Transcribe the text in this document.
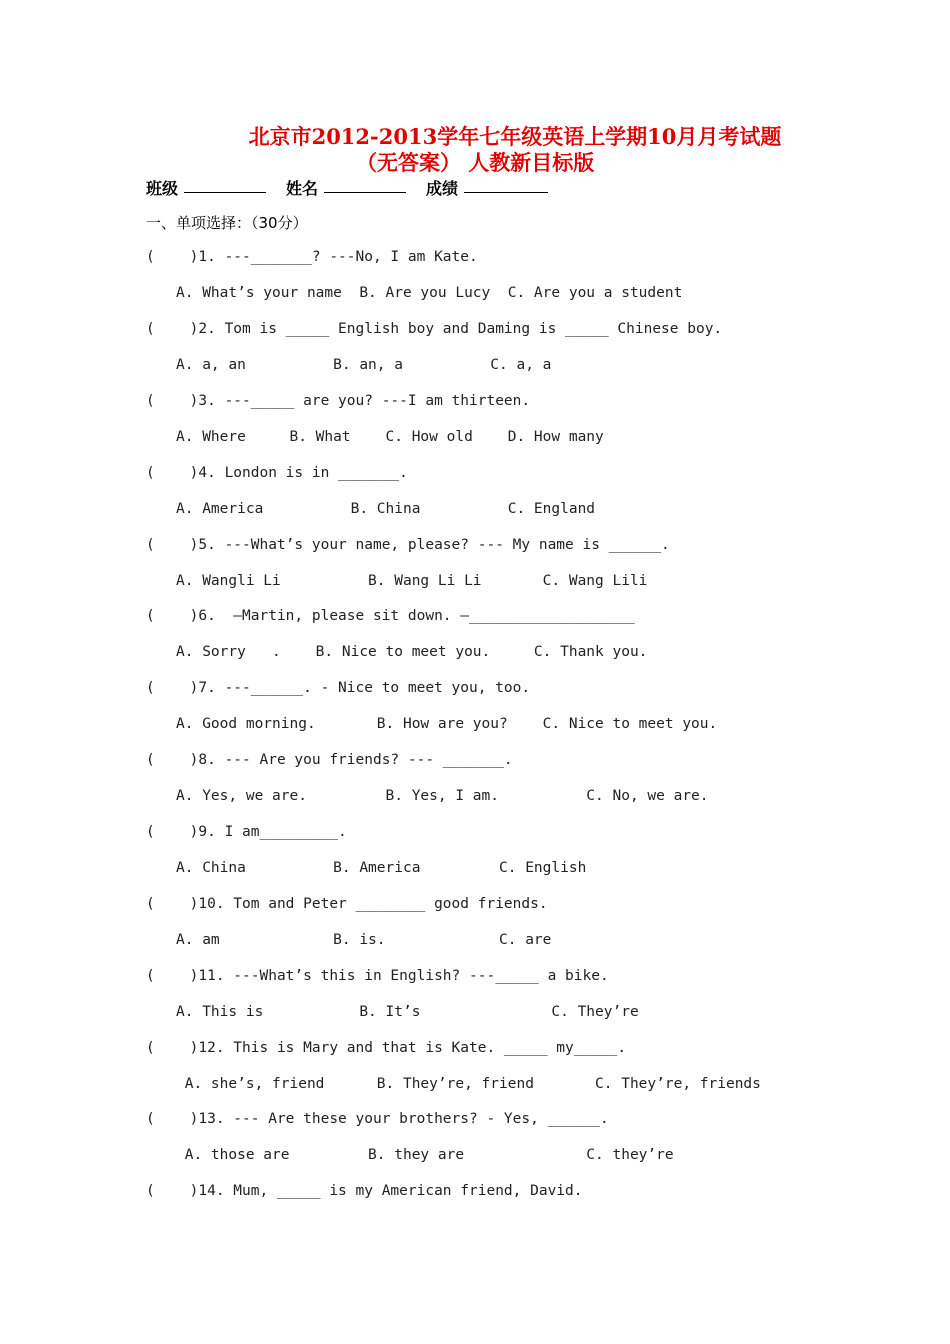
北京市2012-2013学年七年级英语上学期10月月考试题
（无答案） 人教新目标版
班级	姓名	成绩
一、单项选择：（30分）
(    )1. ---_______? ---No, I am Kate.
A. What’s your name  B. Are you Lucy  C. Are you a student
(    )2. Tom is _____ English boy and Daming is _____ Chinese boy.
A. a, an          B. an, a          C. a, a
(    )3. ---_____ are you? ---I am thirteen.
A. Where     B. What    C. How old    D. How many
(    )4. London is in _______.
A. America          B. China          C. England
(    )5. ---What’s your name, please? --- My name is ______.
A. Wangli Li          B. Wang Li Li       C. Wang Lili
(    )6.  —Martin, please sit down. —___________________
A. Sorry   .    B. Nice to meet you.     C. Thank you.
(    )7. ---______. - Nice to meet you, too.
A. Good morning.       B. How are you?    C. Nice to meet you.
(    )8. --- Are you friends? --- _______.
A. Yes, we are.         B. Yes, I am.          C. No, we are.
(    )9. I am_________.
A. China          B. America         C. English
(    )10. Tom and Peter ________ good friends.
A. am             B. is.             C. are
(    )11. ---What’s this in English? ---_____ a bike.
A. This is           B. It’s               C. They’re
(    )12. This is Mary and that is Kate. _____ my_____.
A. she’s, friend      B. They’re, friend       C. They’re, friends
(    )13. --- Are these your brothers? - Yes, ______.
A. those are         B. they are              C. they’re
(    )14. Mum, _____ is my American friend, David.
